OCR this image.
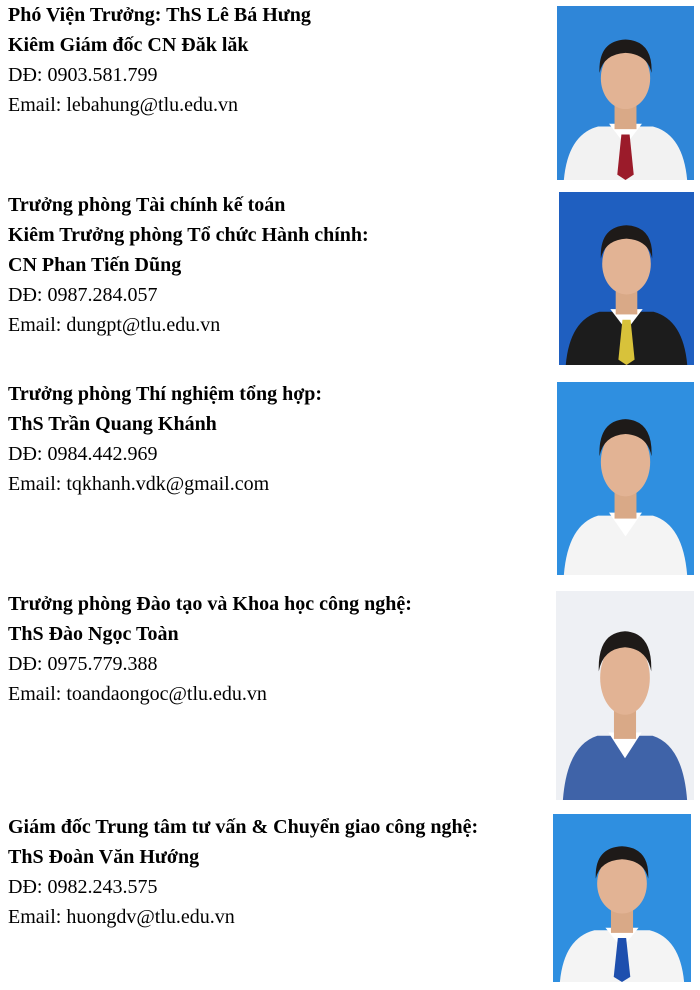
Phó Viện Trưởng: ThS Lê Bá Hưng
Kiêm Giám đốc CN Đăk lăk
DĐ: 0903.581.799
Email: lebahung@tlu.edu.vn
Trưởng phòng Tài chính kế toán
Kiêm Trưởng phòng Tổ chức Hành chính:
CN Phan Tiến Dũng
DĐ: 0987.284.057
Email: dungpt@tlu.edu.vn
Trưởng phòng Thí nghiệm tổng hợp:
ThS Trần Quang Khánh
DĐ: 0984.442.969
Email: tqkhanh.vdk@gmail.com
Trưởng phòng Đào tạo và Khoa học công nghệ:
ThS Đào Ngọc Toàn
DĐ: 0975.779.388
Email: toandaongoc@tlu.edu.vn
Giám đốc Trung tâm tư vấn & Chuyển giao công nghệ:
ThS Đoàn Văn Hướng
DĐ: 0982.243.575
Email: huongdv@tlu.edu.vn
